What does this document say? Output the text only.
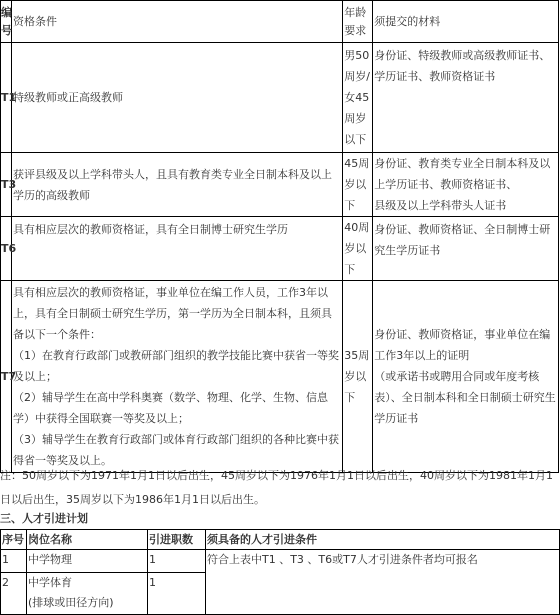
编号	资格条件	年龄要求	须提交的材料
T1	特级教师或正高级教师	男50周岁/女45周岁以下	身份证、特级教师或高级教师证书、学历证书、教师资格证书
T3	获评县级及以上学科带头人，且具有教育类专业全日制本科及以上学历的高级教师	45周岁以下	身份证、教育类专业全日制本科及以上学历证书、教师资格证书、
县级及以上学科带头人证书
T6	具有相应层次的教师资格证，具有全日制博士研究生学历	40周岁以下	身份证、教师资格证、全日制博士研究生学历证书
T7	具有相应层次的教师资格证，事业单位在编工作人员，工作3年以上，具有全日制硕士研究生学历，第一学历为全日制本科，且须具备以下一个条件：
（1）在教育行政部门或教研部门组织的教学技能比赛中获省一等奖及以上；
（2）辅导学生在高中学科奥赛（数学、物理、化学、生物、信息学）中获得全国联赛一等奖及以上；
（3）辅导学生在教育行政部门或体育行政部门组织的各种比赛中获得省一等奖及以上。	35周岁以下	身份证、教师资格证，事业单位在编工作3年以上的证明
（或承诺书或聘用合同或年度考核表）、全日制本科和全日制硕士研究生学历证书
注：50周岁以下为1971年1月1日以后出生，45周岁以下为1976年1月1日以后出生，40周岁以下为1981年1月1日以后出生，35周岁以下为1986年1月1日以后出生。
三、人才引进计划
序号	岗位名称	引进职数	须具备的人才引进条件
1	中学物理	1	符合上表中T1 、T3 、T6或T7人才引进条件者均可报名
2	中学体育
(排球或田径方向)	1	
